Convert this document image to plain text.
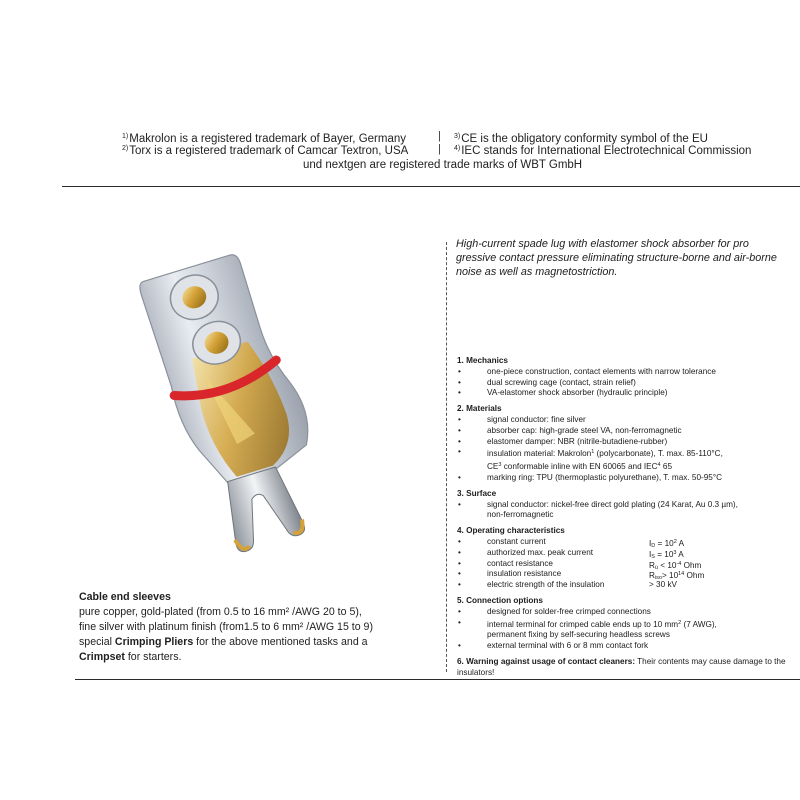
$^{1)}$Makrolon is a registered trademark of Bayer, Germany
$^{2)}$Torx is a registered trademark of Camcar Textron, USA
|
|
$^{3)}$CE is the obligatory conformity symbol of the EU
$^{4)}$IEC stands for International Electrotechnical Commission
und nextgen are registered trade marks of WBT GmbH
Cable end sleeves
pure copper, gold-plated (from 0.5 to 16 mm² /AWG 20 to 5),
fine silver with platinum finish (from1.5 to 6 mm² /AWG 15 to 9)
special Crimping Pliers for the above mentioned tasks and a
Crimpset for starters.
High-current spade lug with elastomer shock absorber for pro
gressive contact pressure eliminating structure-borne and air-borne
noise as well as magnetostriction.
1. Mechanics
•	one-piece construction, contact elements with narrow tolerance
•	dual screwing cage (contact, strain relief)
•	VA-elastomer shock absorber (hydraulic principle)
2. Materials
•	signal conductor: fine silver
•	absorber cap: high-grade steel VA, non-ferromagnetic
•	elastomer damper: NBR (nitrile-butadiene-rubber)
•	insulation material: Makrolon$^1$ (polycarbonate), T. max. 85-110°C,
$CE^3$ conformable inline with EN 60065 and IEC$^4$ 65
•	marking ring: TPU (thermoplastic polyurethane), T. max. 50-95°C
3. Surface
•	signal conductor: nickel-free direct gold plating (24 Karat, Au 0.3 µm),
non-ferromagnetic
4. Operating characteristics
•	constant current	$I_D = 10^2$ A
•	authorized max. peak current	$I_S = 10^3$ A
•	contact resistance	$R_ü < 10^{-4}$ Ohm
•	insulation resistance	$R_{iso}> 10^{14}$ Ohm
•	electric strength of the insulation	> 30 kV
5. Connection options
•	designed for solder-free crimped connections
•	internal terminal for crimped cable ends up to 10 $mm^2$ (7 AWG),
permanent fixing by self-securing headless screws
•	external terminal with 6 or 8 mm contact fork
6. Warning against usage of contact cleaners: Their contents may cause damage to the insulators!
